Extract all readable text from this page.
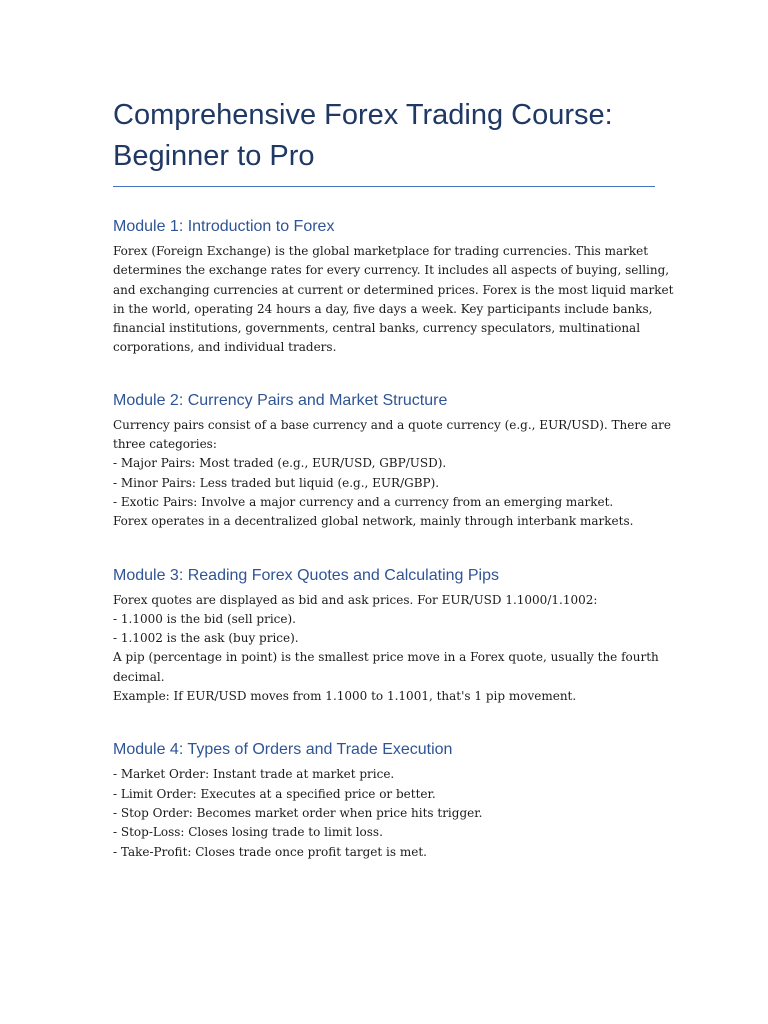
Comprehensive Forex Trading Course:
Beginner to Pro
Module 1: Introduction to Forex
Forex (Foreign Exchange) is the global marketplace for trading currencies. This market
determines the exchange rates for every currency. It includes all aspects of buying, selling,
and exchanging currencies at current or determined prices. Forex is the most liquid market
in the world, operating 24 hours a day, five days a week. Key participants include banks,
financial institutions, governments, central banks, currency speculators, multinational
corporations, and individual traders.
Module 2: Currency Pairs and Market Structure
Currency pairs consist of a base currency and a quote currency (e.g., EUR/USD). There are
three categories:
- Major Pairs: Most traded (e.g., EUR/USD, GBP/USD).
- Minor Pairs: Less traded but liquid (e.g., EUR/GBP).
- Exotic Pairs: Involve a major currency and a currency from an emerging market.
Forex operates in a decentralized global network, mainly through interbank markets.
Module 3: Reading Forex Quotes and Calculating Pips
Forex quotes are displayed as bid and ask prices. For EUR/USD 1.1000/1.1002:
- 1.1000 is the bid (sell price).
- 1.1002 is the ask (buy price).
A pip (percentage in point) is the smallest price move in a Forex quote, usually the fourth
decimal.
Example: If EUR/USD moves from 1.1000 to 1.1001, that's 1 pip movement.
Module 4: Types of Orders and Trade Execution
- Market Order: Instant trade at market price.
- Limit Order: Executes at a specified price or better.
- Stop Order: Becomes market order when price hits trigger.
- Stop-Loss: Closes losing trade to limit loss.
- Take-Profit: Closes trade once profit target is met.
